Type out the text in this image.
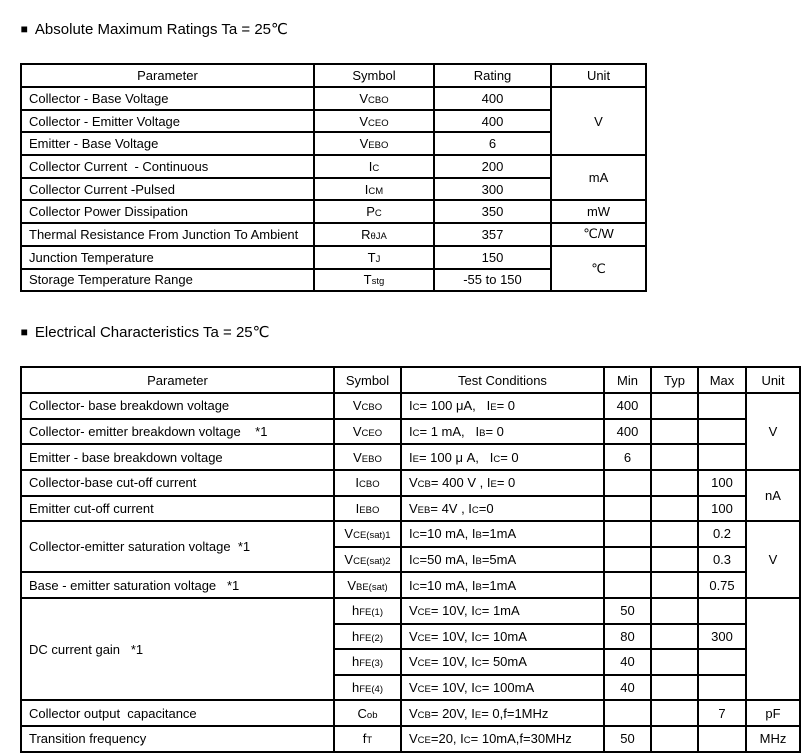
■ Absolute Maximum Ratings Ta = 25℃

Parameter	Symbol	Rating	Unit
Collector - Base Voltage	VCBO	400	V
Collector - Emitter Voltage	VCEO	400	
Emitter - Base Voltage	VEBO	6	
Collector Current  - Continuous	IC	200	mA
Collector Current -Pulsed	ICM	300	
Collector Power Dissipation	PC	350	mW
Thermal Resistance From Junction To Ambient	RθJA	357	℃/W
Junction Temperature	TJ	150	℃
Storage Temperature Range	Tstg	-55 to 150	

■ Electrical Characteristics Ta = 25℃

Parameter	Symbol	Test Conditions	Min	Typ	Max	Unit
Collector- base breakdown voltage	VCBO	IC= 100 μA,   IE= 0	400			V
Collector- emitter breakdown voltage    *1	VCEO	IC= 1 mA,   IB= 0	400			
Emitter - base breakdown voltage	VEBO	IE= 100 μ A,   IC= 0	6			
Collector-base cut-off current	ICBO	VCB= 400 V , IE= 0			100	nA
Emitter cut-off current	IEBO	VEB= 4V , IC=0			100	
Collector-emitter saturation voltage  *1	VCE(sat)1	IC=10 mA, IB=1mA			0.2	V
	VCE(sat)2	IC=50 mA, IB=5mA			0.3	
Base - emitter saturation voltage   *1	VBE(sat)	IC=10 mA, IB=1mA			0.75	
DC current gain   *1	hFE(1)	VCE= 10V, IC= 1mA	50			
	hFE(2)	VCE= 10V, IC= 10mA	80		300	
	hFE(3)	VCE= 10V, IC= 50mA	40			
	hFE(4)	VCE= 10V, IC= 100mA	40			
Collector output  capacitance	Cob	VCB= 20V, IE= 0,f=1MHz			7	pF
Transition frequency	fT	VCE=20, IC= 10mA,f=30MHz	50			MHz
